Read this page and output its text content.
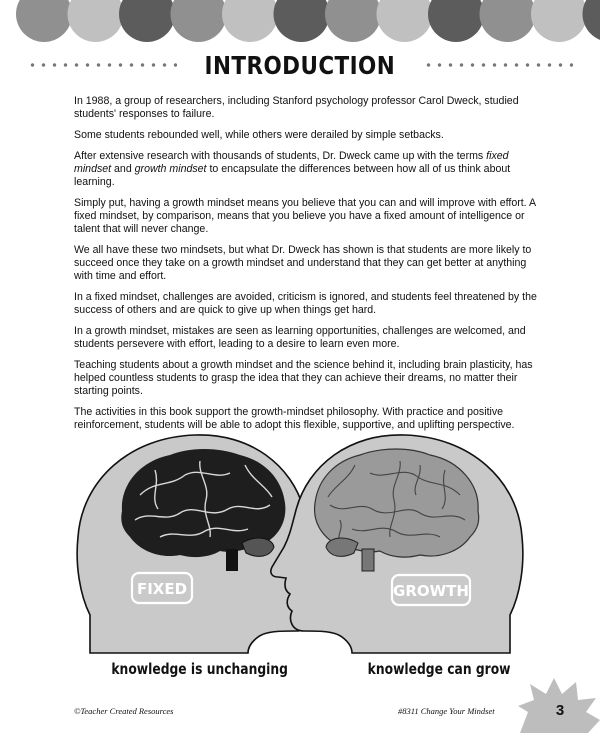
INTRODUCTION

In 1988, a group of researchers, including Stanford psychology professor Carol Dweck, studied students' responses to failure.

Some students rebounded well, while others were derailed by simple setbacks.

After extensive research with thousands of students, Dr. Dweck came up with the terms fixed mindset and growth mindset to encapsulate the differences between how all of us think about learning.

Simply put, having a growth mindset means you believe that you can and will improve with effort. A fixed mindset, by comparison, means that you believe you have a fixed amount of intelligence or talent that will never change.

We all have these two mindsets, but what Dr. Dweck has shown is that students are more likely to succeed once they take on a growth mindset and understand that they can get better at anything with time and effort.

In a fixed mindset, challenges are avoided, criticism is ignored, and students feel threatened by the success of others and are quick to give up when things get hard.

In a growth mindset, mistakes are seen as learning opportunities, challenges are welcomed, and students persevere with effort, leading to a desire to learn even more.

Teaching students about a growth mindset and the science behind it, including brain plasticity, has helped countless students to grasp the idea that they can achieve their dreams, no matter their starting points.

The activities in this book support the growth-mindset philosophy. With practice and positive reinforcement, students will be able to adopt this flexible, supportive, and uplifting perspective.

FIXED	GROWTH
knowledge is unchanging	knowledge can grow
©Teacher Created Resources	#8311 Change Your Mindset	3
